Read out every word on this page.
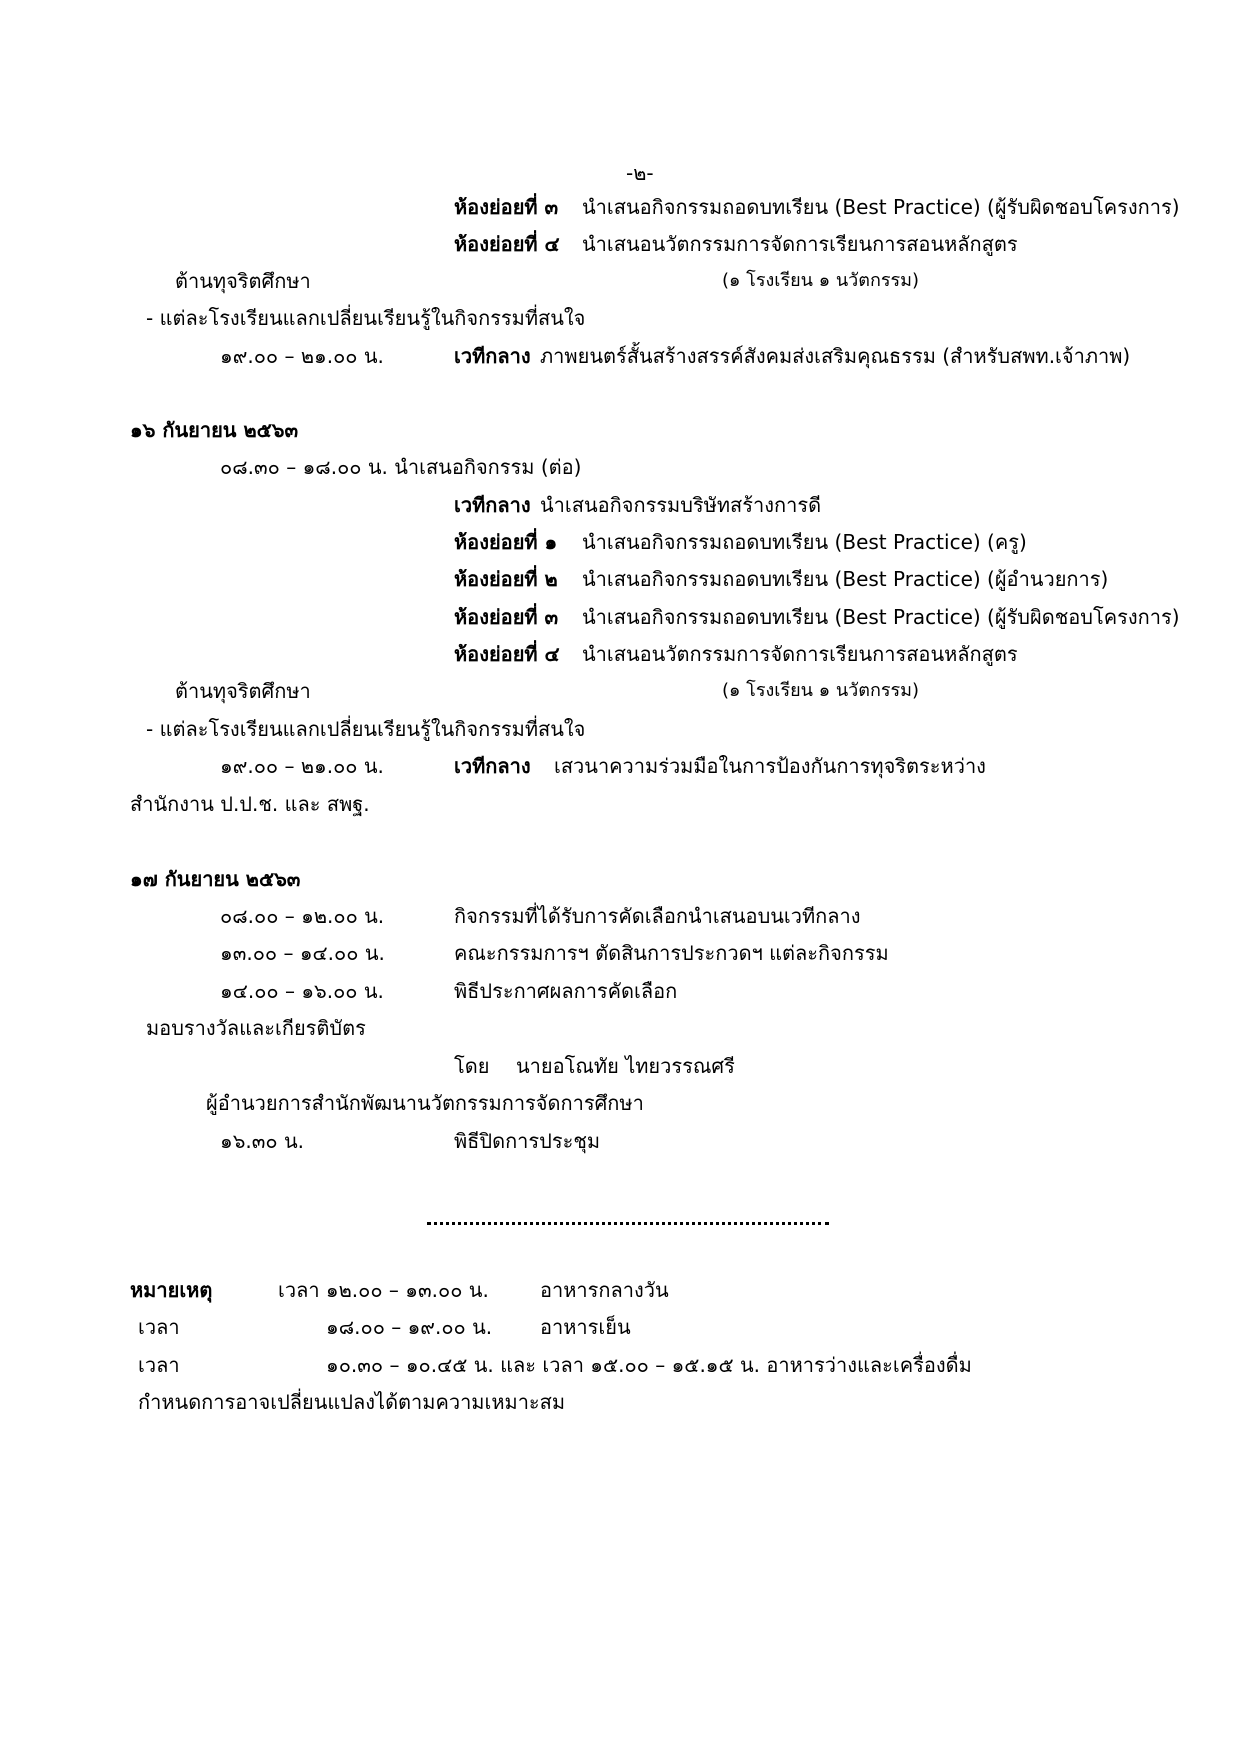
-๒-
ห้องย่อยที่ ๓ นำเสนอกิจกรรมถอดบทเรียน (Best Practice) (ผู้รับผิดชอบโครงการ)
ห้องย่อยที่ ๔ นำเสนอนวัตกรรมการจัดการเรียนการสอนหลักสูตร
ต้านทุจริตศึกษา	(๑ โรงเรียน ๑ นวัตกรรม)
- แต่ละโรงเรียนแลกเปลี่ยนเรียนรู้ในกิจกรรมที่สนใจ
๑๙.๐๐ – ๒๑.๐๐ น.	เวทีกลาง ภาพยนตร์สั้นสร้างสรรค์สังคมส่งเสริมคุณธรรม (สำหรับสพท.เจ้าภาพ)
๑๖ กันยายน ๒๕๖๓
๐๘.๓๐ – ๑๘.๐๐ น. นำเสนอกิจกรรม (ต่อ)
เวทีกลาง นำเสนอกิจกรรมบริษัทสร้างการดี
ห้องย่อยที่ ๑ นำเสนอกิจกรรมถอดบทเรียน (Best Practice) (ครู)
ห้องย่อยที่ ๒ นำเสนอกิจกรรมถอดบทเรียน (Best Practice) (ผู้อำนวยการ)
ห้องย่อยที่ ๓ นำเสนอกิจกรรมถอดบทเรียน (Best Practice) (ผู้รับผิดชอบโครงการ)
ห้องย่อยที่ ๔ นำเสนอนวัตกรรมการจัดการเรียนการสอนหลักสูตร
ต้านทุจริตศึกษา	(๑ โรงเรียน ๑ นวัตกรรม)
- แต่ละโรงเรียนแลกเปลี่ยนเรียนรู้ในกิจกรรมที่สนใจ
๑๙.๐๐ – ๒๑.๐๐ น.	เวทีกลาง เสวนาความร่วมมือในการป้องกันการทุจริตระหว่าง
สำนักงาน ป.ป.ช. และ สพฐ.
๑๗ กันยายน ๒๕๖๓
๐๘.๐๐ – ๑๒.๐๐ น.	กิจกรรมที่ได้รับการคัดเลือกนำเสนอบนเวทีกลาง
๑๓.๐๐ – ๑๔.๐๐ น.	คณะกรรมการฯ ตัดสินการประกวดฯ แต่ละกิจกรรม
๑๔.๐๐ – ๑๖.๐๐ น.	พิธีประกาศผลการคัดเลือก
มอบรางวัลและเกียรติบัตร
โดย นายอโณทัย ไทยวรรณศรี
ผู้อำนวยการสำนักพัฒนานวัตกรรมการจัดการศึกษา
๑๖.๓๐ น.	พิธีปิดการประชุม
หมายเหตุ	เวลา ๑๒.๐๐ – ๑๓.๐๐ น.	อาหารกลางวัน
เวลา	๑๘.๐๐ – ๑๙.๐๐ น. อาหารเย็น
เวลา	๑๐.๓๐ – ๑๐.๔๕ น. และ เวลา ๑๕.๐๐ – ๑๕.๑๕ น. อาหารว่างและเครื่องดื่ม
กำหนดการอาจเปลี่ยนแปลงได้ตามความเหมาะสม
